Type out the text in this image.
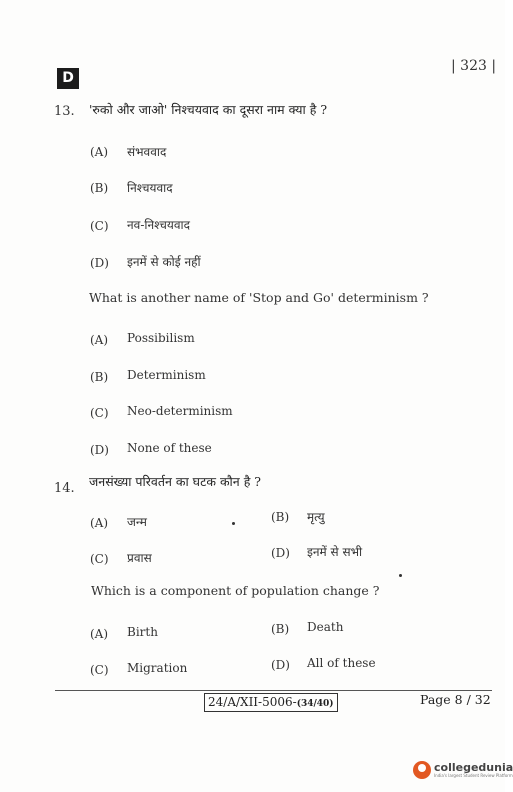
D
| 323 |
13. 'रुको और जाओ' निश्चयवाद का दूसरा नाम क्या है ?
(A) संभववाद
(B) निश्चयवाद
(C) नव-निश्चयवाद
(D) इनमें से कोई नहीं
What is another name of 'Stop and Go' determinism ?
(A) Possibilism
(B) Determinism
(C) Neo-determinism
(D) None of these
14. जनसंख्या परिवर्तन का घटक कौन है ?
(A) जन्म	(B) मृत्यु
(C) प्रवास	(D) इनमें से सभी
Which is a component of population change ?
(A) Birth	(B) Death
(C) Migration	(D) All of these
24/A/XII-5006-(34/40)	Page 8 / 32
collegedunia
India's largest Student Review Platform
